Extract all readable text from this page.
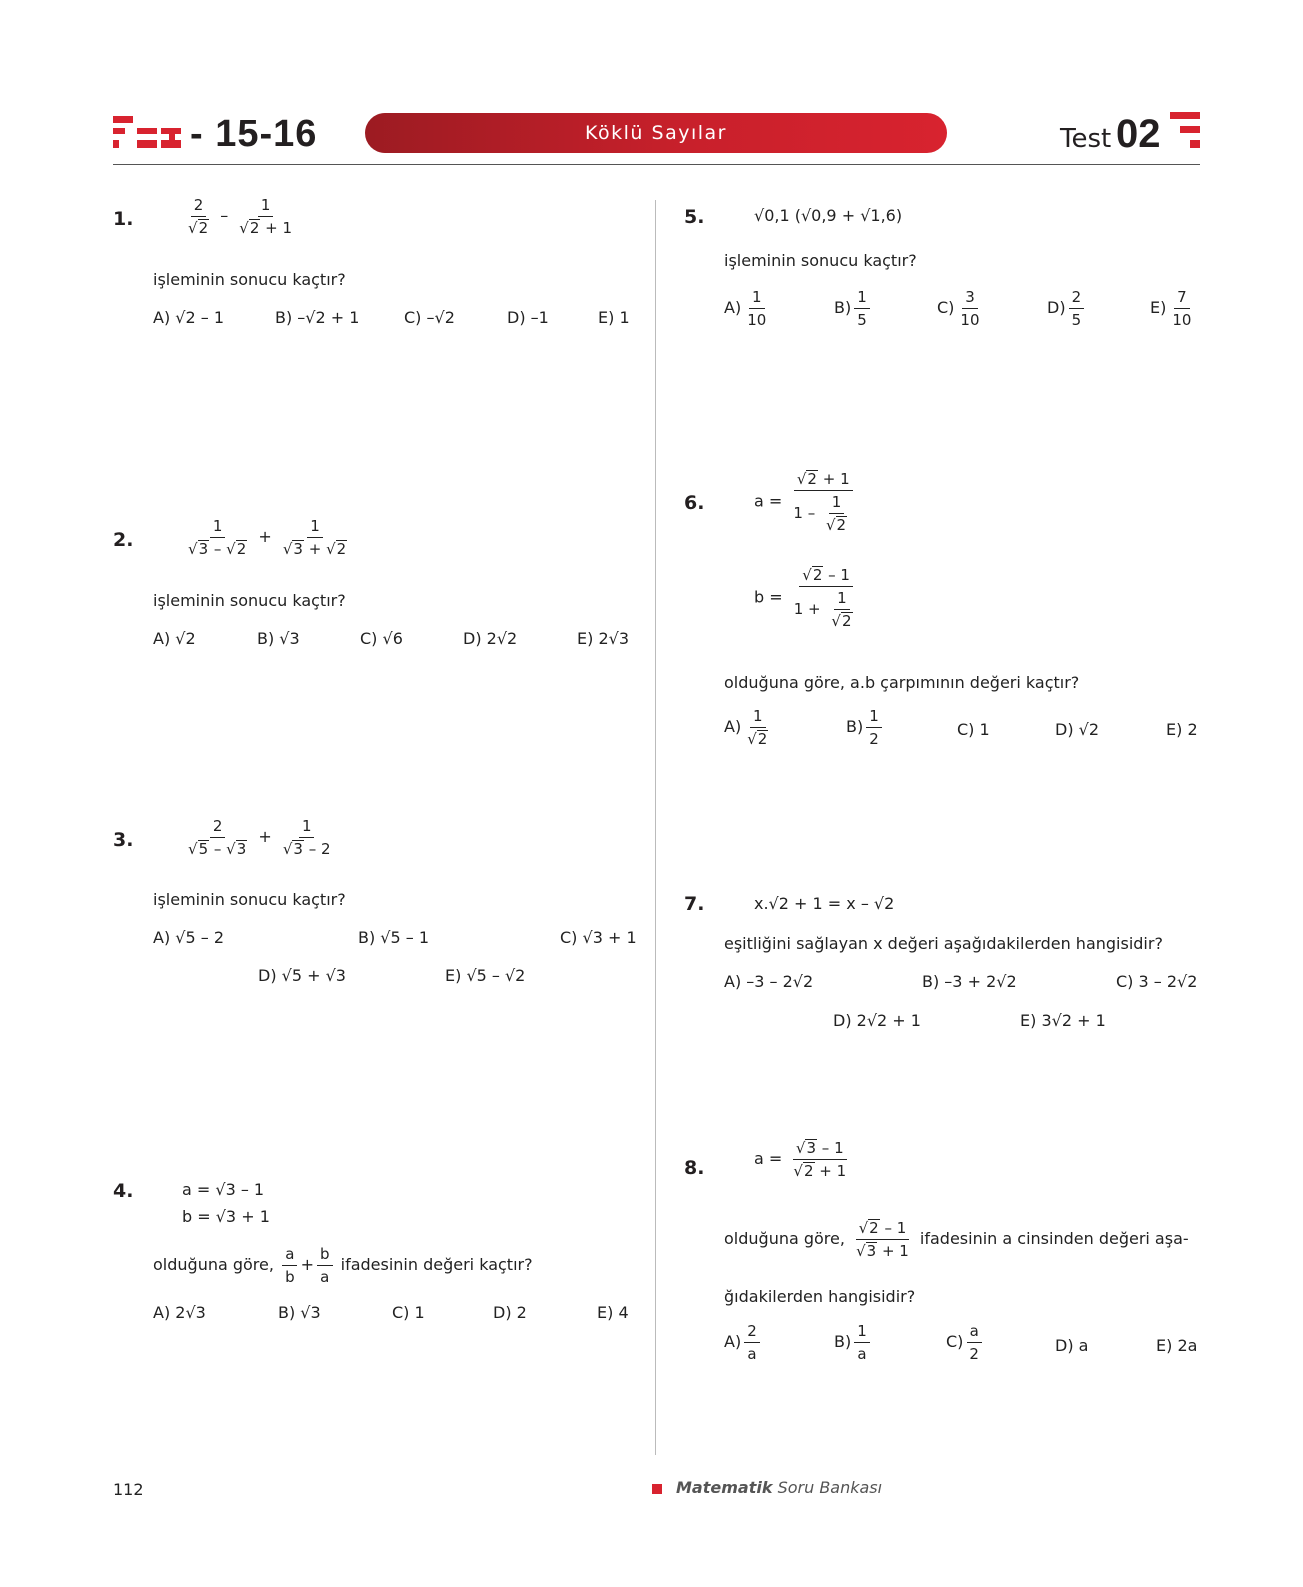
- 15-16	Köklü Sayılar	Test 02
1.	$\frac{2}{√2} - \frac{1}{√2 + 1}$
işleminin sonucu kaçtır?
A) √2 – 1	B) –√2 + 1	C) –√2	D) –1	E) 1
2.	$\frac{1}{√3 - √2} + \frac{1}{√3 + √2}$
işleminin sonucu kaçtır?
A) √2	B) √3	C) √6	D) 2√2	E) 2√3
3.	$\frac{2}{√5 - √3} + \frac{1}{√3 - 2}$
işleminin sonucu kaçtır?
A) √5 – 2	B) √5 – 1	C) √3 + 1
D) √5 + √3	E) √5 – √2
4.	a = √3 – 1
b = √3 + 1
olduğuna göre, $\frac{a}{b} + \frac{b}{a}$ ifadesinin değeri kaçtır?
A) 2√3	B) √3	C) 1	D) 2	E) 4
5.	√0,1 (√0,9 + √1,6)
işleminin sonucu kaçtır?
$A) \frac{1}{10}$	$B) \frac{1}{5}$	$C) \frac{3}{10}$	$D) \frac{2}{5}$	$E) \frac{7}{10}$
6.	$a = \frac{√2 + 1}{1 - \frac{1}{√2}}$
$b = \frac{√2 - 1}{1 + \frac{1}{√2}}$
olduğuna göre, a.b çarpımının değeri kaçtır?
$A) \frac{1}{√2}$	$B) \frac{1}{2}$	C) 1	D) √2	E) 2
7.	x.√2 + 1 = x – √2
eşitliğini sağlayan x değeri aşağıdakilerden hangisidir?
A) –3 – 2√2	B) –3 + 2√2	C) 3 – 2√2
D) 2√2 + 1	E) 3√2 + 1
8.	$a = \frac{√3 - 1}{√2 + 1}$
olduğuna göre, $\frac{√2 - 1}{√3 + 1}$ ifadesinin a cinsinden değeri aşa-
ğıdakilerden hangisidir?
$A) \frac{2}{a}$	$B) \frac{1}{a}$	$C) \frac{a}{2}$	D) a	E) 2a
112	Matematik Soru Bankası
